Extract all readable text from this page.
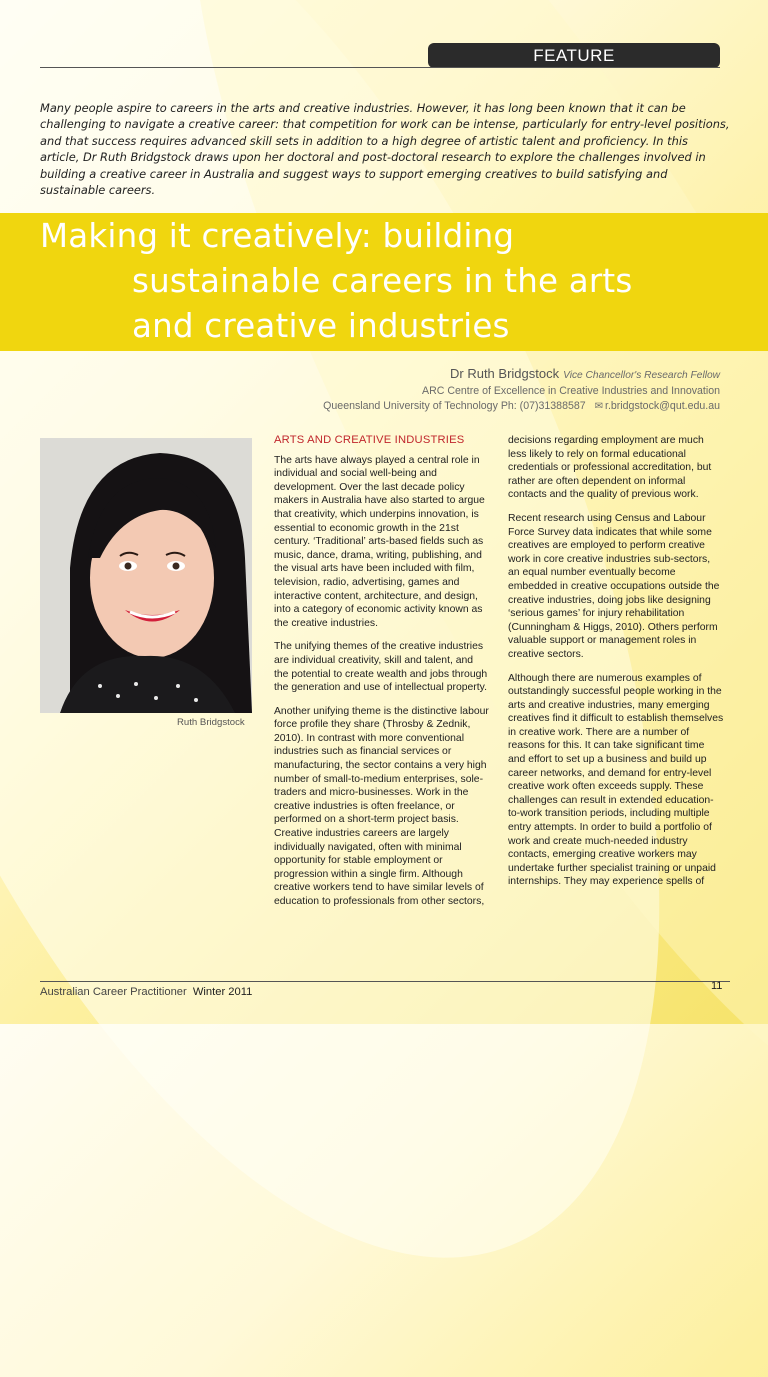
FEATURE

Many people aspire to careers in the arts and creative industries. However, it has long been known that it can be challenging to navigate a creative career: that competition for work can be intense, particularly for entry-level positions, and that success requires advanced skill sets in addition to a high degree of artistic talent and proficiency. In this article, Dr Ruth Bridgstock draws upon her doctoral and post-doctoral research to explore the challenges involved in building a creative career in Australia and suggest ways to support emerging creatives to build satisfying and sustainable careers.

Making it creatively: building
sustainable careers in the arts
and creative industries
Dr Ruth Bridgstock Vice Chancellor's Research Fellow
ARC Centre of Excellence in Creative Industries and Innovation
Queensland University of Technology Ph: (07)31388587 ✉ r.bridgstock@qut.edu.au
Ruth Bridgstock
ARTS AND CREATIVE INDUSTRIES

The arts have always played a central role in individual and social well-being and development. Over the last decade policy makers in Australia have also started to argue that creativity, which underpins innovation, is essential to economic growth in the 21st century. ‘Traditional’ arts-based fields such as music, dance, drama, writing, publishing, and the visual arts have been included with film, television, radio, advertising, games and interactive content, architecture, and design, into a category of economic activity known as the creative industries.

The unifying themes of the creative industries are individual creativity, skill and talent, and the potential to create wealth and jobs through the generation and use of intellectual property.

Another unifying theme is the distinctive labour force profile they share (Throsby & Zednik, 2010). In contrast with more conventional industries such as financial services or manufacturing, the sector contains a very high number of small-to-medium enterprises, sole-traders and micro-businesses. Work in the creative industries is often freelance, or performed on a short-term project basis. Creative industries careers are largely individually navigated, often with minimal opportunity for stable employment or progression within a single firm. Although creative workers tend to have similar levels of education to professionals from other sectors,

decisions regarding employment are much less likely to rely on formal educational credentials or professional accreditation, but rather are often dependent on informal contacts and the quality of previous work.

Recent research using Census and Labour Force Survey data indicates that while some creatives are employed to perform creative work in core creative industries sub-sectors, an equal number eventually become embedded in creative occupations outside the creative industries, doing jobs like designing ‘serious games’ for injury rehabilitation (Cunningham & Higgs, 2010). Others perform valuable support or management roles in creative sectors.

Although there are numerous examples of outstandingly successful people working in the arts and creative industries, many emerging creatives find it difficult to establish themselves in creative work. There are a number of reasons for this. It can take significant time and effort to set up a business and build up career networks, and demand for entry-level creative work often exceeds supply. These challenges can result in extended education-to-work transition periods, including multiple entry attempts. In order to build a portfolio of work and create much-needed industry contacts, emerging creative workers may undertake further specialist training or unpaid internships. They may experience spells of

Australian Career Practitioner Winter 2011	11
